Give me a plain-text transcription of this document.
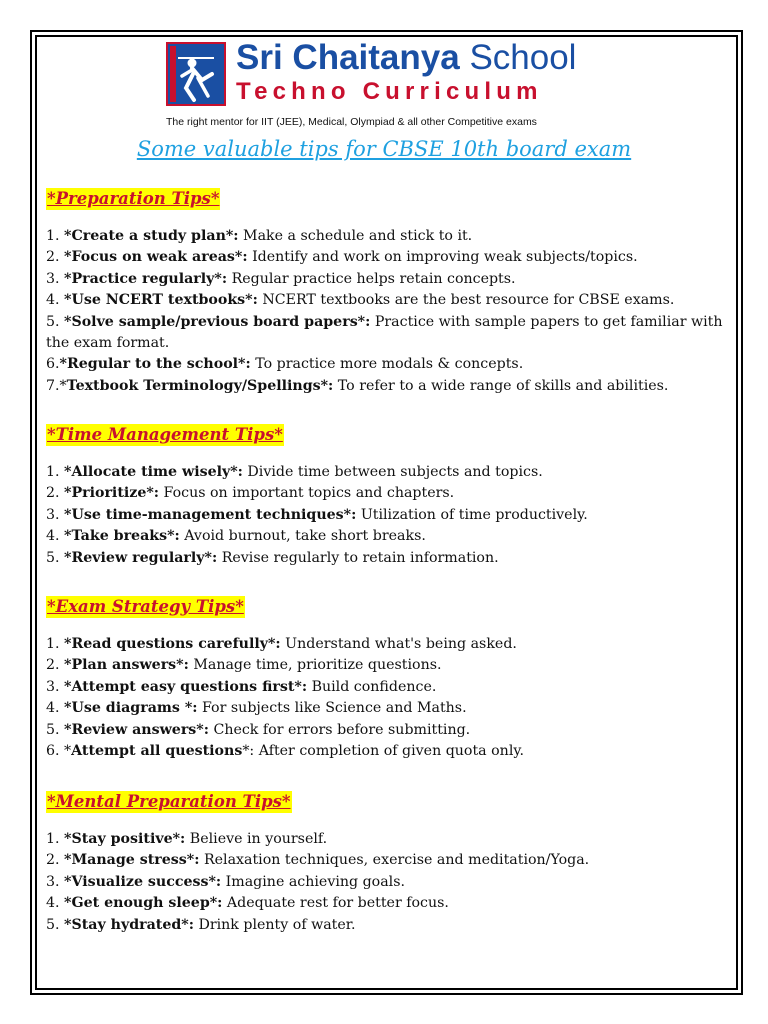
Sri Chaitanya School
Techno Curriculum
The right mentor for IIT (JEE), Medical, Olympiad & all other Competitive exams
Some valuable tips for CBSE 10th board exam
*Preparation Tips*
1. *Create a study plan*: Make a schedule and stick to it.
2. *Focus on weak areas*: Identify and work on improving weak subjects/topics.
3. *Practice regularly*: Regular practice helps retain concepts.
4. *Use NCERT textbooks*: NCERT textbooks are the best resource for CBSE exams.
5. *Solve sample/previous board papers*: Practice with sample papers to get familiar with the exam format.
6.*Regular to the school*: To practice more modals & concepts.
7.*Textbook Terminology/Spellings*: To refer to a wide range of skills and abilities.
*Time Management Tips*
1. *Allocate time wisely*: Divide time between subjects and topics.
2. *Prioritize*: Focus on important topics and chapters.
3. *Use time-management techniques*: Utilization of time productively.
4. *Take breaks*: Avoid burnout, take short breaks.
5. *Review regularly*: Revise regularly to retain information.
*Exam Strategy Tips*
1. *Read questions carefully*: Understand what's being asked.
2. *Plan answers*: Manage time, prioritize questions.
3. *Attempt easy questions first*: Build confidence.
4. *Use diagrams *: For subjects like Science and Maths.
5. *Review answers*: Check for errors before submitting.
6. *Attempt all questions*: After completion of given quota only.
*Mental Preparation Tips*
1. *Stay positive*: Believe in yourself.
2. *Manage stress*: Relaxation techniques, exercise and meditation/Yoga.
3. *Visualize success*: Imagine achieving goals.
4. *Get enough sleep*: Adequate rest for better focus.
5. *Stay hydrated*: Drink plenty of water.
